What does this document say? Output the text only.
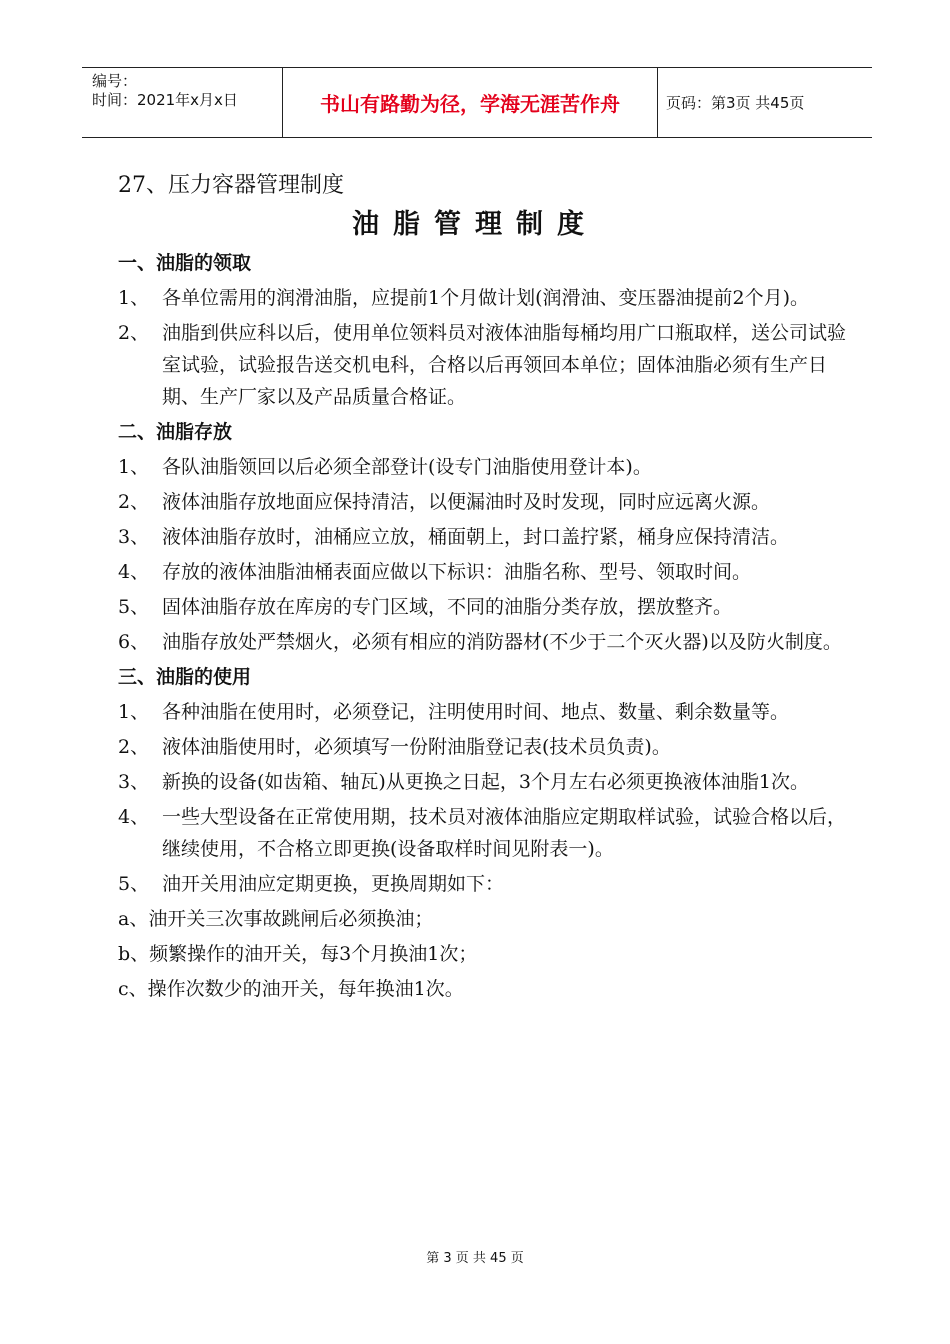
编号：
时间：2021年x月x日	书山有路勤为径，学海无涯苦作舟	页码：第3页 共45页
27、压力容器管理制度
油脂管理制度
一、油脂的领取
1、 各单位需用的润滑油脂，应提前1个月做计划(润滑油、变压器油提前2个月)。
2、 油脂到供应科以后，使用单位领料员对液体油脂每桶均用广口瓶取样，送公司试验室试验，试验报告送交机电科，合格以后再领回本单位；固体油脂必须有生产日期、生产厂家以及产品质量合格证。
二、油脂存放
1、 各队油脂领回以后必须全部登计(设专门油脂使用登计本)。
2、 液体油脂存放地面应保持清洁，以便漏油时及时发现，同时应远离火源。
3、 液体油脂存放时，油桶应立放，桶面朝上，封口盖拧紧，桶身应保持清洁。
4、 存放的液体油脂油桶表面应做以下标识：油脂名称、型号、领取时间。
5、 固体油脂存放在库房的专门区域，不同的油脂分类存放，摆放整齐。
6、 油脂存放处严禁烟火，必须有相应的消防器材(不少于二个灭火器)以及防火制度。
三、油脂的使用
1、 各种油脂在使用时，必须登记，注明使用时间、地点、数量、剩余数量等。
2、 液体油脂使用时，必须填写一份附油脂登记表(技术员负责)。
3、 新换的设备(如齿箱、轴瓦)从更换之日起，3个月左右必须更换液体油脂1次。
4、 一些大型设备在正常使用期，技术员对液体油脂应定期取样试验，试验合格以后，继续使用，不合格立即更换(设备取样时间见附表一)。
5、 油开关用油应定期更换，更换周期如下：
a、油开关三次事故跳闸后必须换油；
b、频繁操作的油开关，每3个月换油1次；
c、操作次数少的油开关，每年换油1次。
第 3 页 共 45 页
